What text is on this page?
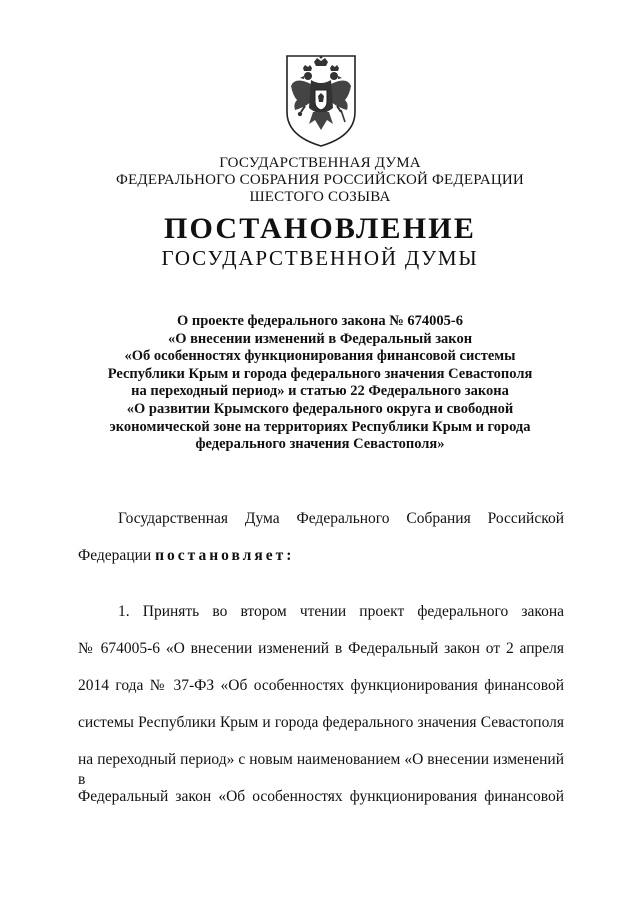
ГОСУДАРСТВЕННАЯ ДУМА
ФЕДЕРАЛЬНОГО СОБРАНИЯ РОССИЙСКОЙ ФЕДЕРАЦИИ
ШЕСТОГО СОЗЫВА
ПОСТАНОВЛЕНИЕ
ГОСУДАРСТВЕННОЙ ДУМЫ
О проекте федерального закона № 674005-6
«О внесении изменений в Федеральный закон
«Об особенностях функционирования финансовой системы
Республики Крым и города федерального значения Севастополя
на переходный период» и статью 22 Федерального закона
«О развитии Крымского федерального округа и свободной
экономической зоне на территориях Республики Крым и города
федерального значения Севастополя»
Государственная Дума Федерального Собрания Российской
Федерации постановляет:
1. Принять во втором чтении проект федерального закона
№ 674005-6 «О внесении изменений в Федеральный закон от 2 апреля
2014 года № 37-ФЗ «Об особенностях функционирования финансовой
системы Республики Крым и города федерального значения Севастополя
на переходный период» с новым наименованием «О внесении изменений в
Федеральный закон «Об особенностях функционирования финансовой
